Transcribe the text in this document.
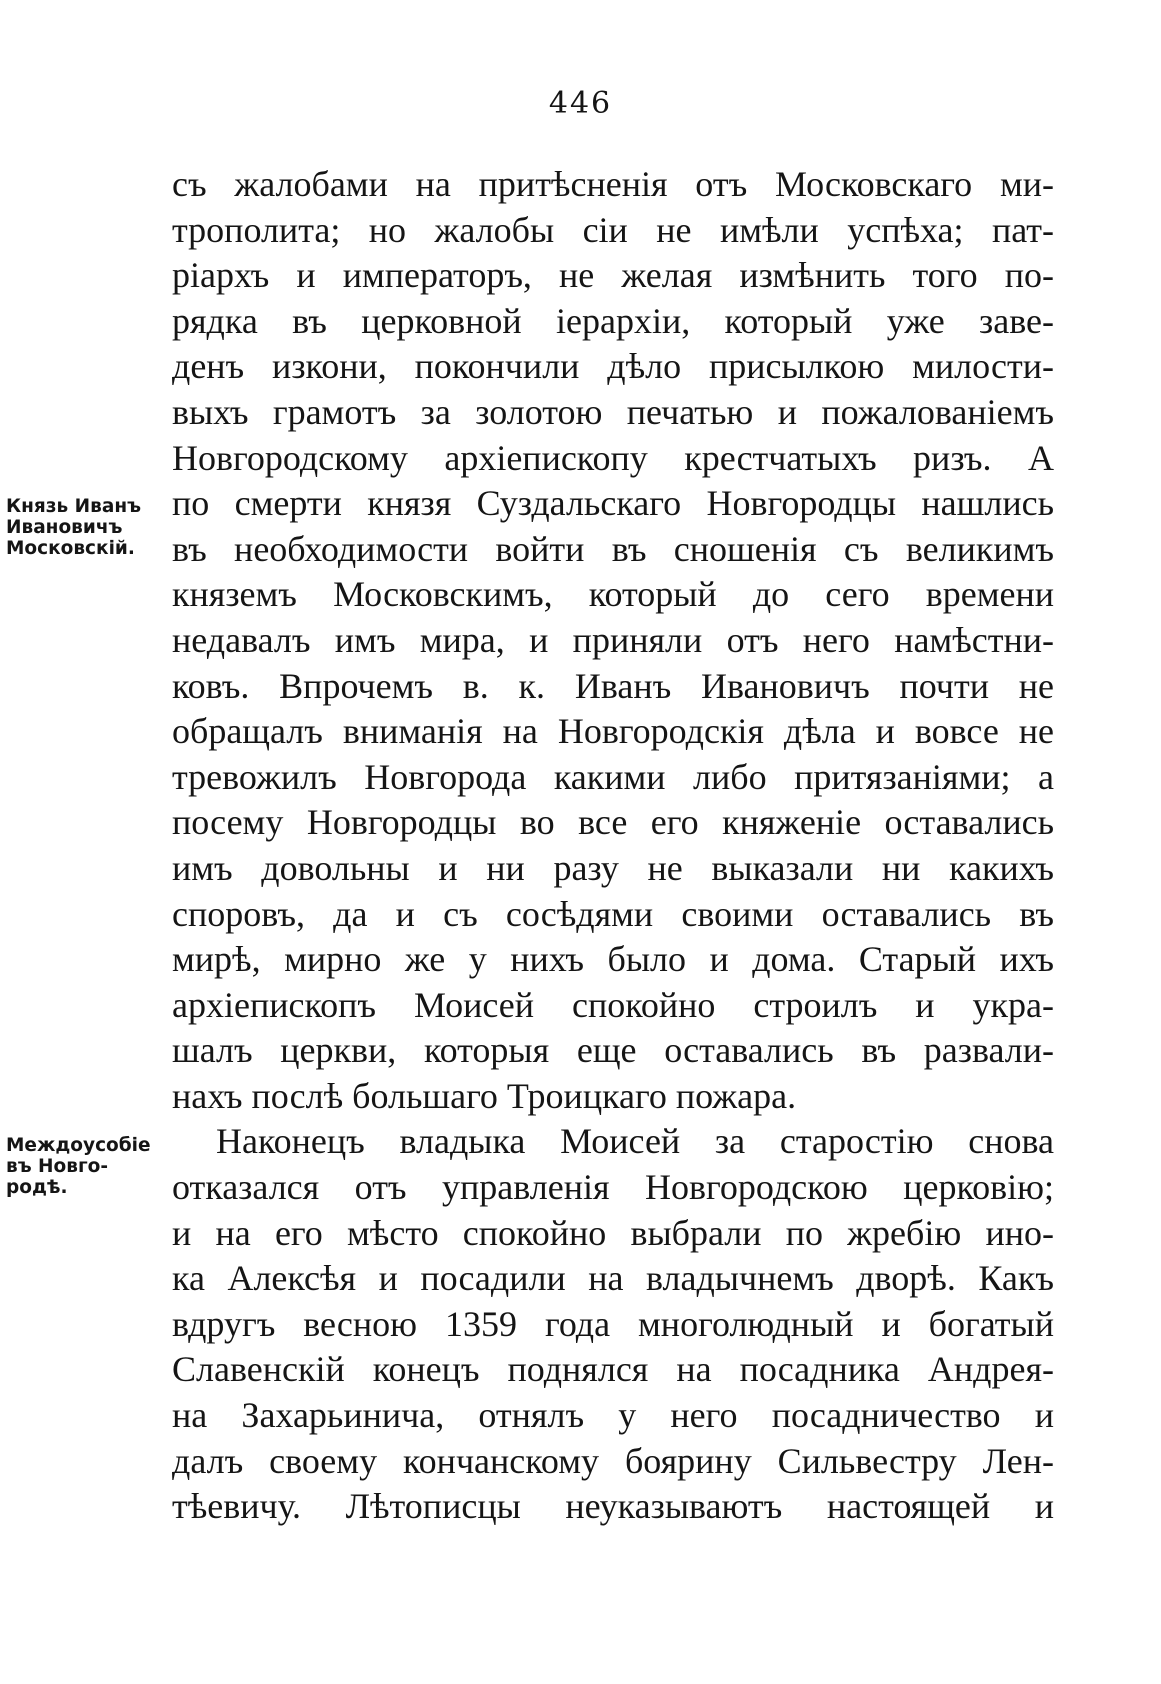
446
Князь Иванъ
Ивановичъ
Московскій.
Междоусобіе
въ Новго-
родѣ.
съ жалобами на притѣсненія отъ Московскаго ми-
трополита; но жалобы сіи не имѣли успѣха; пат-
ріархъ и императоръ, не желая измѣнить того по-
рядка въ церковной іерархіи, который уже заве-
денъ изкони, покончили дѣло присылкою милости-
выхъ грамотъ за золотою печатью и пожалованіемъ
Новгородскому архіепископу крестчатыхъ ризъ. А
по смерти князя Суздальскаго Новгородцы нашлись
въ необходимости войти въ сношенія съ великимъ
княземъ Московскимъ, который до сего времени
недавалъ имъ мира, и приняли отъ него намѣстни-
ковъ. Впрочемъ в. к. Иванъ Ивановичъ почти не
обращалъ вниманія на Новгородскія дѣла и вовсе не
тревожилъ Новгорода какими либо притязаніями; а
посему Новгородцы во все его княженіе оставались
имъ довольны и ни разу не выказали ни какихъ
споровъ, да и съ сосѣдями своими оставались въ
мирѣ, мирно же у нихъ было и дома. Старый ихъ
архіепископъ Моисей спокойно строилъ и укра-
шалъ церкви, которыя еще оставались въ развали-
нахъ послѣ большаго Троицкаго пожара.
Наконецъ владыка Моисей за старостію снова
отказался отъ управленія Новгородскою церковію;
и на его мѣсто спокойно выбрали по жребію ино-
ка Алексѣя и посадили на владычнемъ дворѣ. Какъ
вдругъ весною 1359 года многолюдный и богатый
Славенскій конецъ поднялся на посадника Андрея-
на Захарьинича, отнялъ у него посадничество и
далъ своему кончанскому боярину Сильвестру Лен-
тѣевичу. Лѣтописцы неуказываютъ настоящей и
